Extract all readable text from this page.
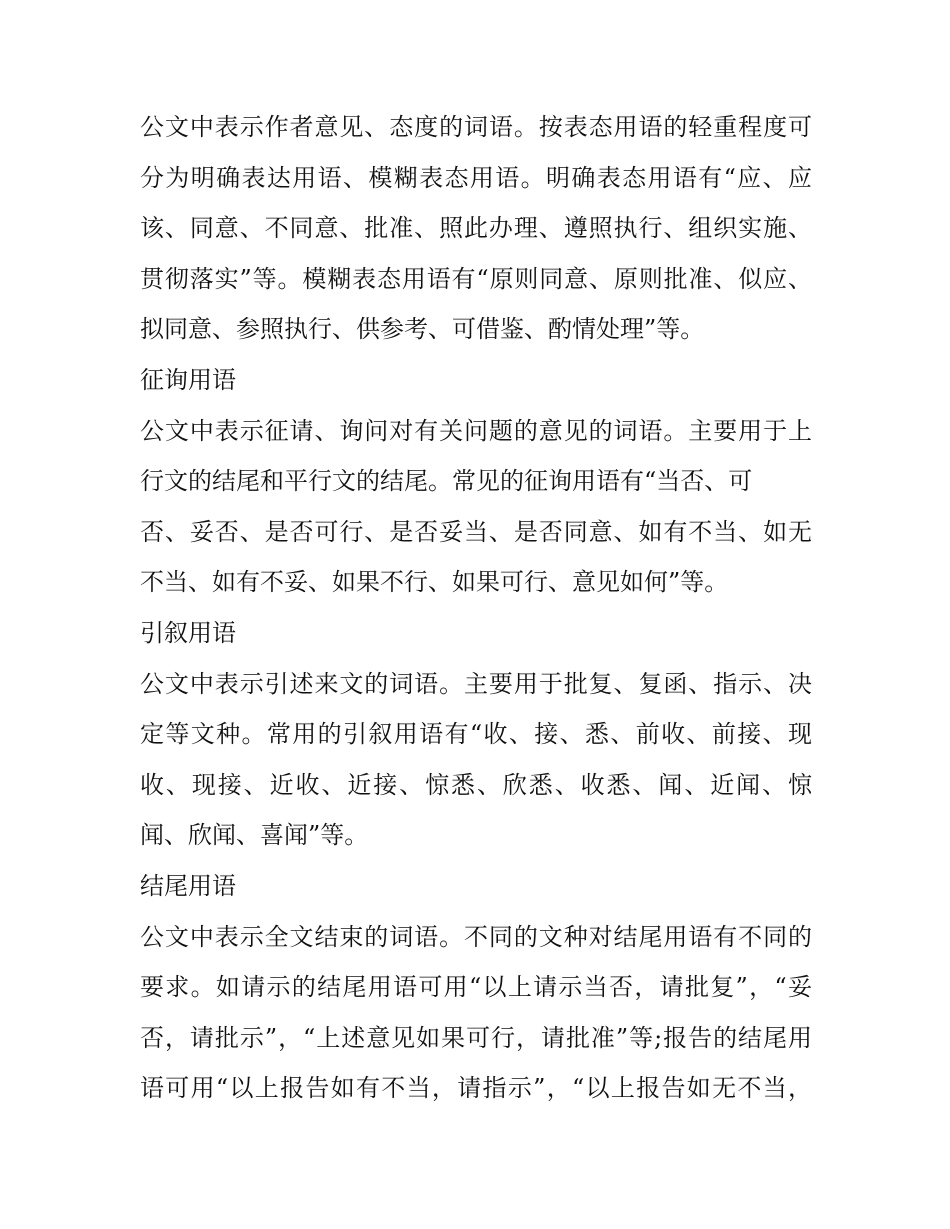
公文中表示作者意见、态度的词语。按表态用语的轻重程度可
分为明确表达用语、模糊表态用语。明确表态用语有“应、应
该、同意、不同意、批准、照此办理、遵照执行、组织实施、
贯彻落实”等。模糊表态用语有“原则同意、原则批准、似应、
拟同意、参照执行、供参考、可借鉴、酌情处理”等。
征询用语
公文中表示征请、询问对有关问题的意见的词语。主要用于上
行文的结尾和平行文的结尾。常见的征询用语有“当否、可
否、妥否、是否可行、是否妥当、是否同意、如有不当、如无
不当、如有不妥、如果不行、如果可行、意见如何”等。
引叙用语
公文中表示引述来文的词语。主要用于批复、复函、指示、决
定等文种。常用的引叙用语有“收、接、悉、前收、前接、现
收、现接、近收、近接、惊悉、欣悉、收悉、闻、近闻、惊
闻、欣闻、喜闻”等。
结尾用语
公文中表示全文结束的词语。不同的文种对结尾用语有不同的
要求。如请示的结尾用语可用“以上请示当否，请批复”，“妥
否，请批示”，“上述意见如果可行，请批准”等;报告的结尾用
语可用“以上报告如有不当，请指示”，“以上报告如无不当，
